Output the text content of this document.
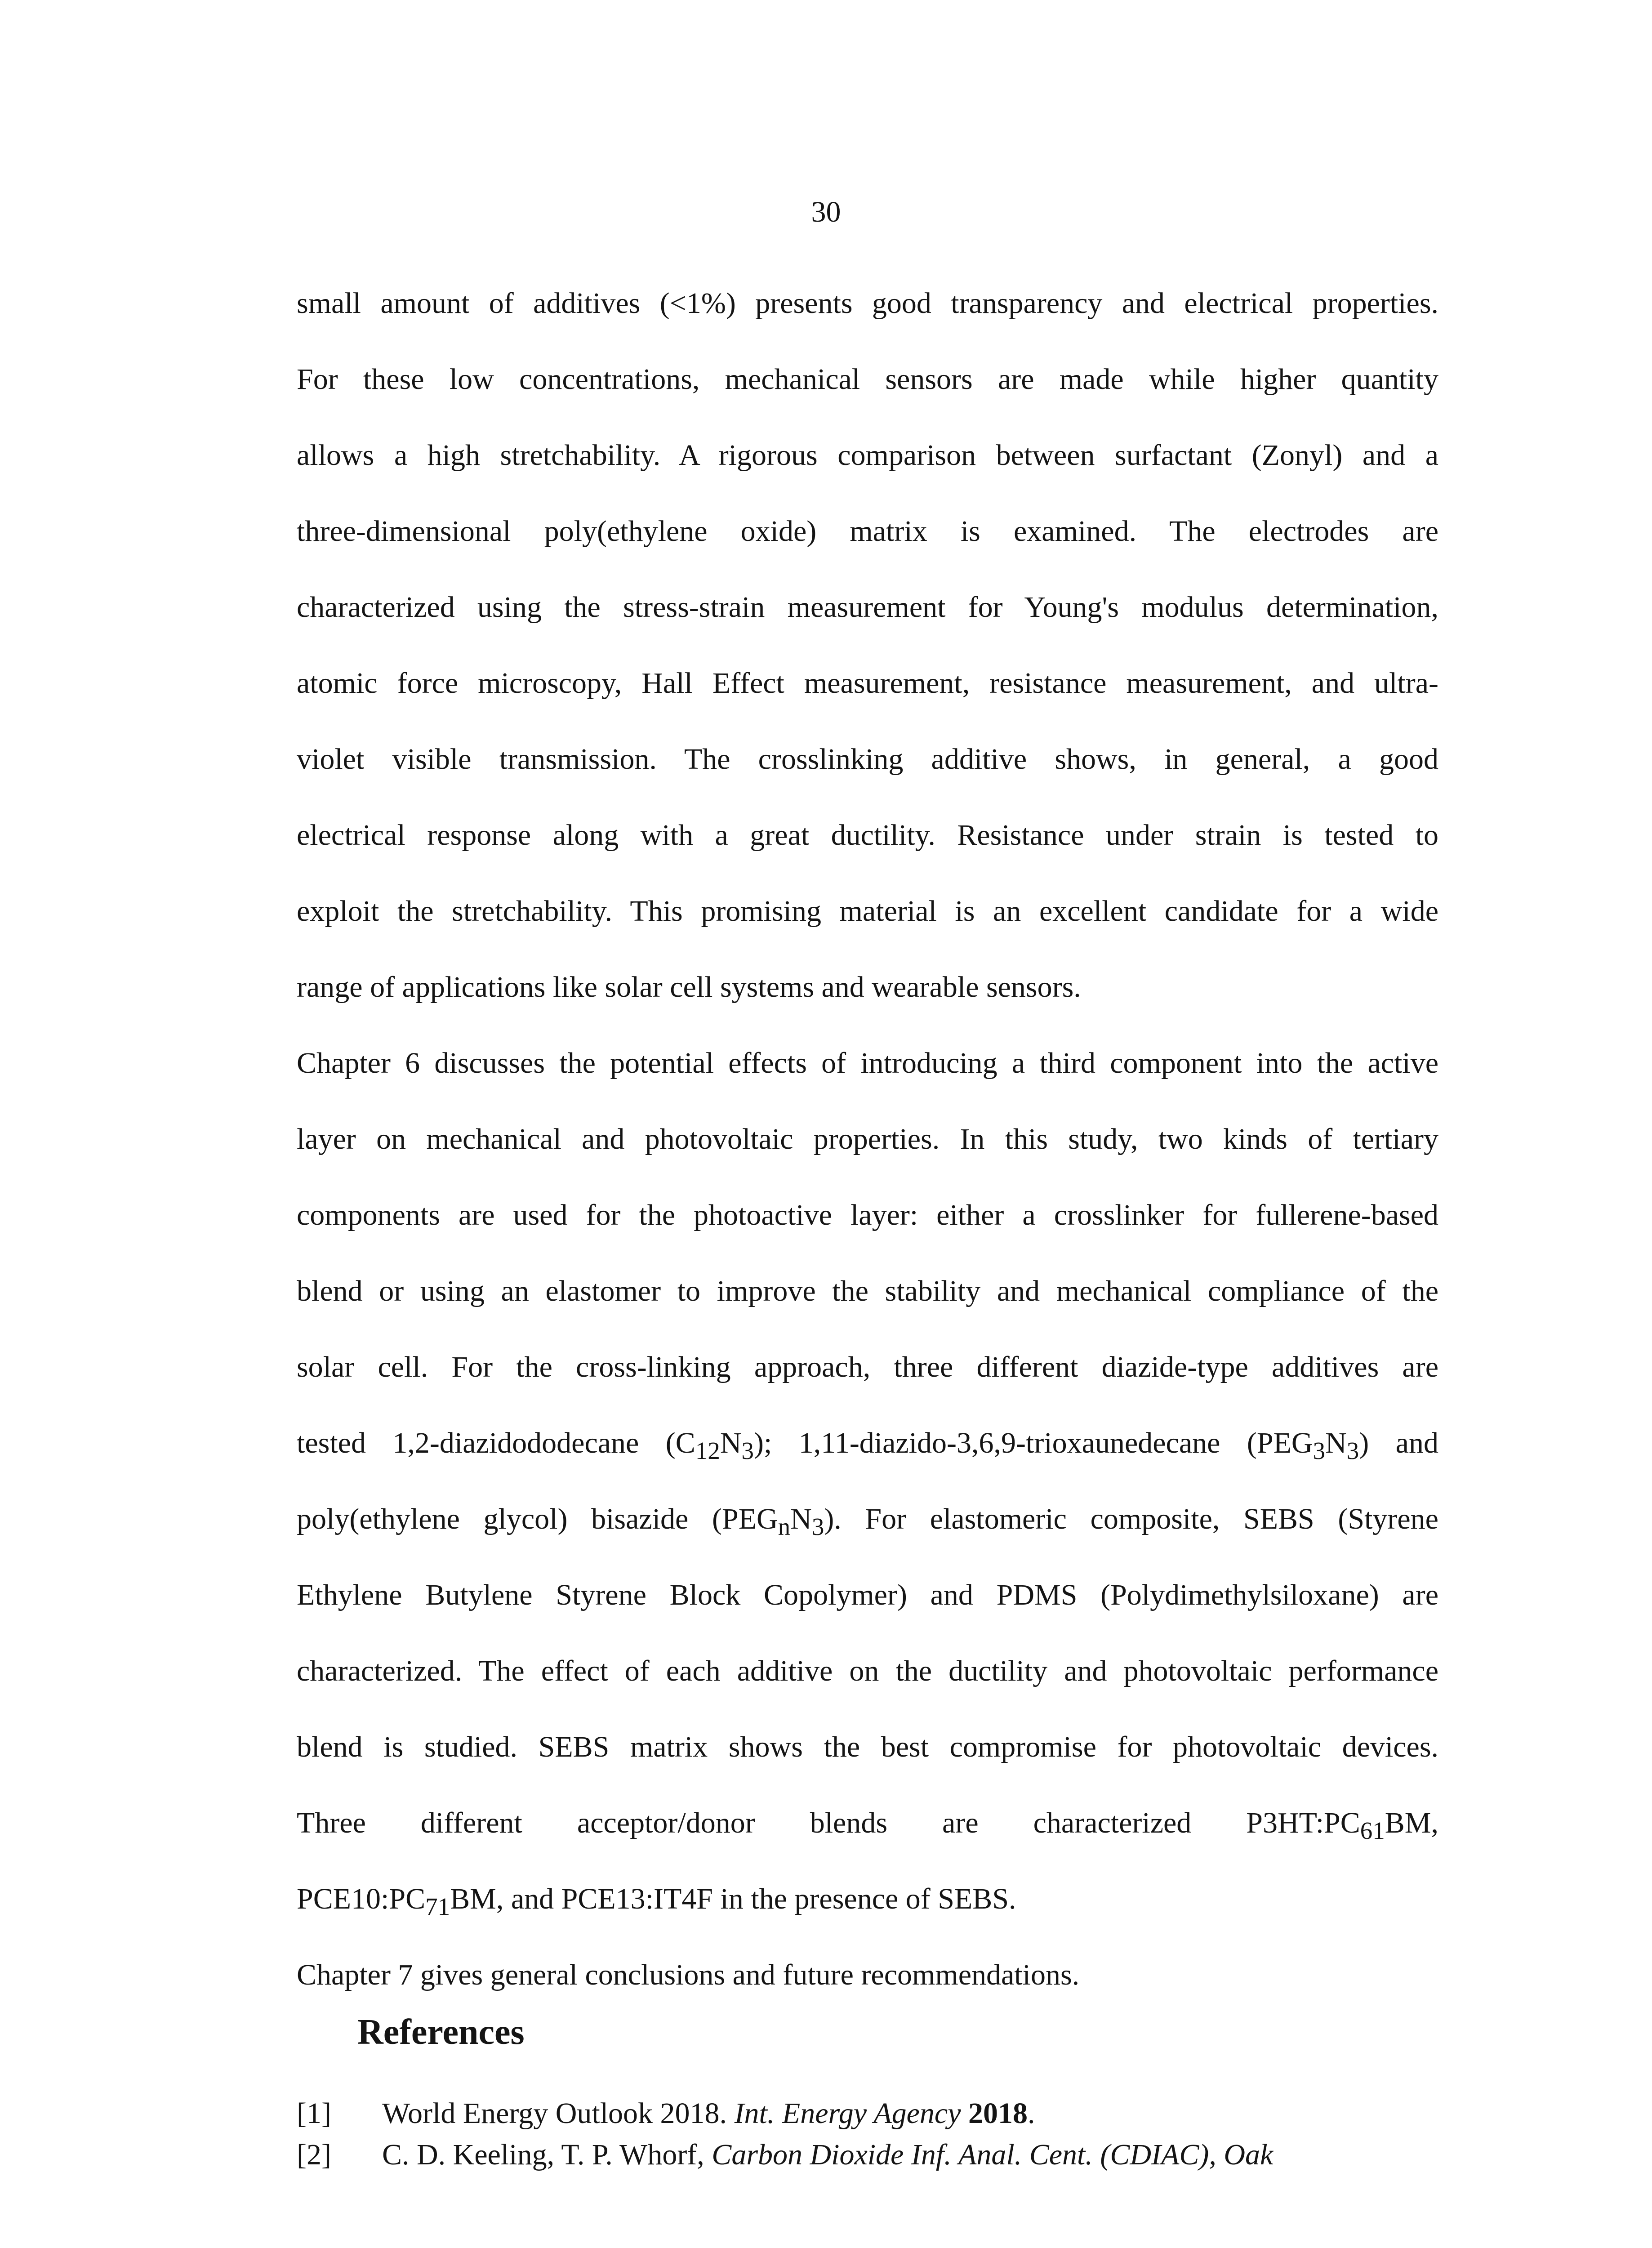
30
small amount of additives (<1%) presents good transparency and electrical properties.
For these low concentrations, mechanical sensors are made while higher quantity
allows a high stretchability. A rigorous comparison between surfactant (Zonyl) and a
three-dimensional poly(ethylene oxide) matrix is examined. The electrodes are
characterized using the stress-strain measurement for Young's modulus determination,
atomic force microscopy, Hall Effect measurement, resistance measurement, and ultra-
violet visible transmission. The crosslinking additive shows, in general, a good
electrical response along with a great ductility. Resistance under strain is tested to
exploit the stretchability. This promising material is an excellent candidate for a wide
range of applications like solar cell systems and wearable sensors.
Chapter 6 discusses the potential effects of introducing a third component into the active
layer on mechanical and photovoltaic properties. In this study, two kinds of tertiary
components are used for the photoactive layer: either a crosslinker for fullerene-based
blend or using an elastomer to improve the stability and mechanical compliance of the
solar cell. For the cross-linking approach, three different diazide-type additives are
tested 1,2-diazidododecane $(C_{12}N_3)$; 1,11-diazido-3,6,9-trioxaunedecane $(PEG_3N_3)$ and
poly(ethylene glycol) bisazide $(PEG_nN_3)$. For elastomeric composite, SEBS (Styrene
Ethylene Butylene Styrene Block Copolymer) and PDMS (Polydimethylsiloxane) are
characterized. The effect of each additive on the ductility and photovoltaic performance
blend is studied. SEBS matrix shows the best compromise for photovoltaic devices.
Three different acceptor/donor blends are characterized $P3HT:PC_{61}BM$,
$PCE10:PC_{71}BM$, and PCE13:IT4F in the presence of SEBS.
Chapter 7 gives general conclusions and future recommendations.
References
[1] World Energy Outlook 2018. Int. Energy Agency 2018.
[2] C. D. Keeling, T. P. Whorf, Carbon Dioxide Inf. Anal. Cent. (CDIAC), Oak
